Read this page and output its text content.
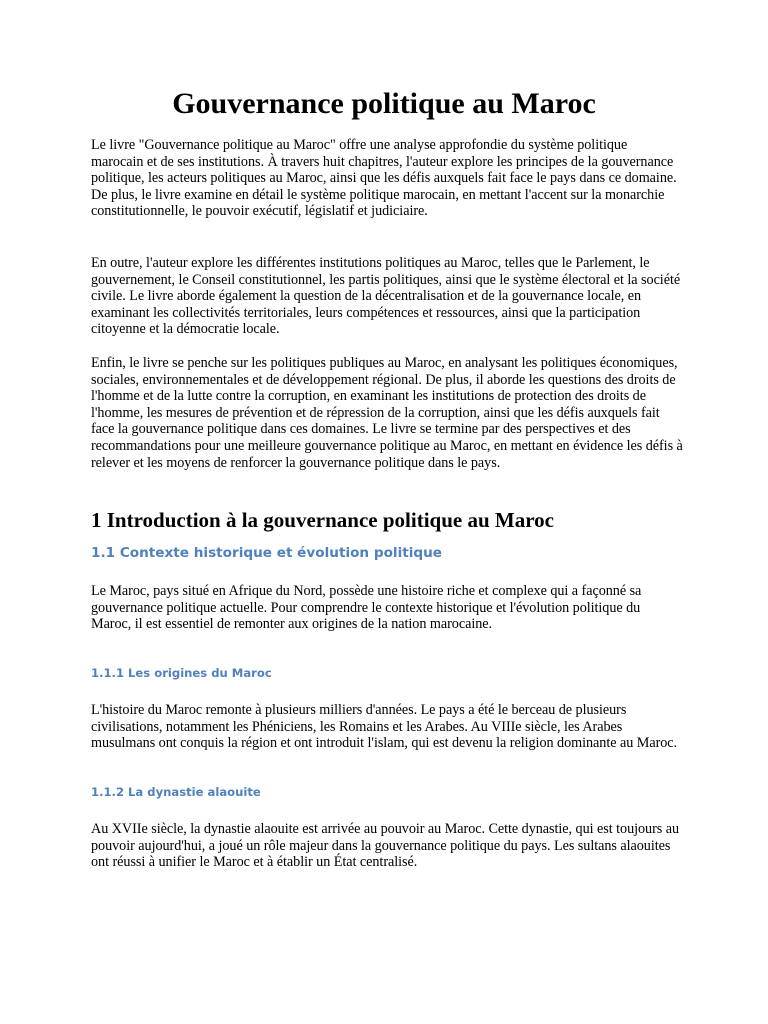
Gouvernance politique au Maroc

Le livre "Gouvernance politique au Maroc" offre une analyse approfondie du système politique marocain et de ses institutions. À travers huit chapitres, l'auteur explore les principes de la gouvernance politique, les acteurs politiques au Maroc, ainsi que les défis auxquels fait face le pays dans ce domaine. De plus, le livre examine en détail le système politique marocain, en mettant l'accent sur la monarchie constitutionnelle, le pouvoir exécutif, législatif et judiciaire.

En outre, l'auteur explore les différentes institutions politiques au Maroc, telles que le Parlement, le gouvernement, le Conseil constitutionnel, les partis politiques, ainsi que le système électoral et la société civile. Le livre aborde également la question de la décentralisation et de la gouvernance locale, en examinant les collectivités territoriales, leurs compétences et ressources, ainsi que la participation citoyenne et la démocratie locale.

Enfin, le livre se penche sur les politiques publiques au Maroc, en analysant les politiques économiques, sociales, environnementales et de développement régional. De plus, il aborde les questions des droits de l'homme et de la lutte contre la corruption, en examinant les institutions de protection des droits de l'homme, les mesures de prévention et de répression de la corruption, ainsi que les défis auxquels fait face la gouvernance politique dans ces domaines. Le livre se termine par des perspectives et des recommandations pour une meilleure gouvernance politique au Maroc, en mettant en évidence les défis à relever et les moyens de renforcer la gouvernance politique dans le pays.

1 Introduction à la gouvernance politique au Maroc
1.1 Contexte historique et évolution politique

Le Maroc, pays situé en Afrique du Nord, possède une histoire riche et complexe qui a façonné sa gouvernance politique actuelle. Pour comprendre le contexte historique et l'évolution politique du Maroc, il est essentiel de remonter aux origines de la nation marocaine.

1.1.1 Les origines du Maroc

L'histoire du Maroc remonte à plusieurs milliers d'années. Le pays a été le berceau de plusieurs civilisations, notamment les Phéniciens, les Romains et les Arabes. Au VIIIe siècle, les Arabes musulmans ont conquis la région et ont introduit l'islam, qui est devenu la religion dominante au Maroc.

1.1.2 La dynastie alaouite

Au XVIIe siècle, la dynastie alaouite est arrivée au pouvoir au Maroc. Cette dynastie, qui est toujours au pouvoir aujourd'hui, a joué un rôle majeur dans la gouvernance politique du pays. Les sultans alaouites ont réussi à unifier le Maroc et à établir un État centralisé.
